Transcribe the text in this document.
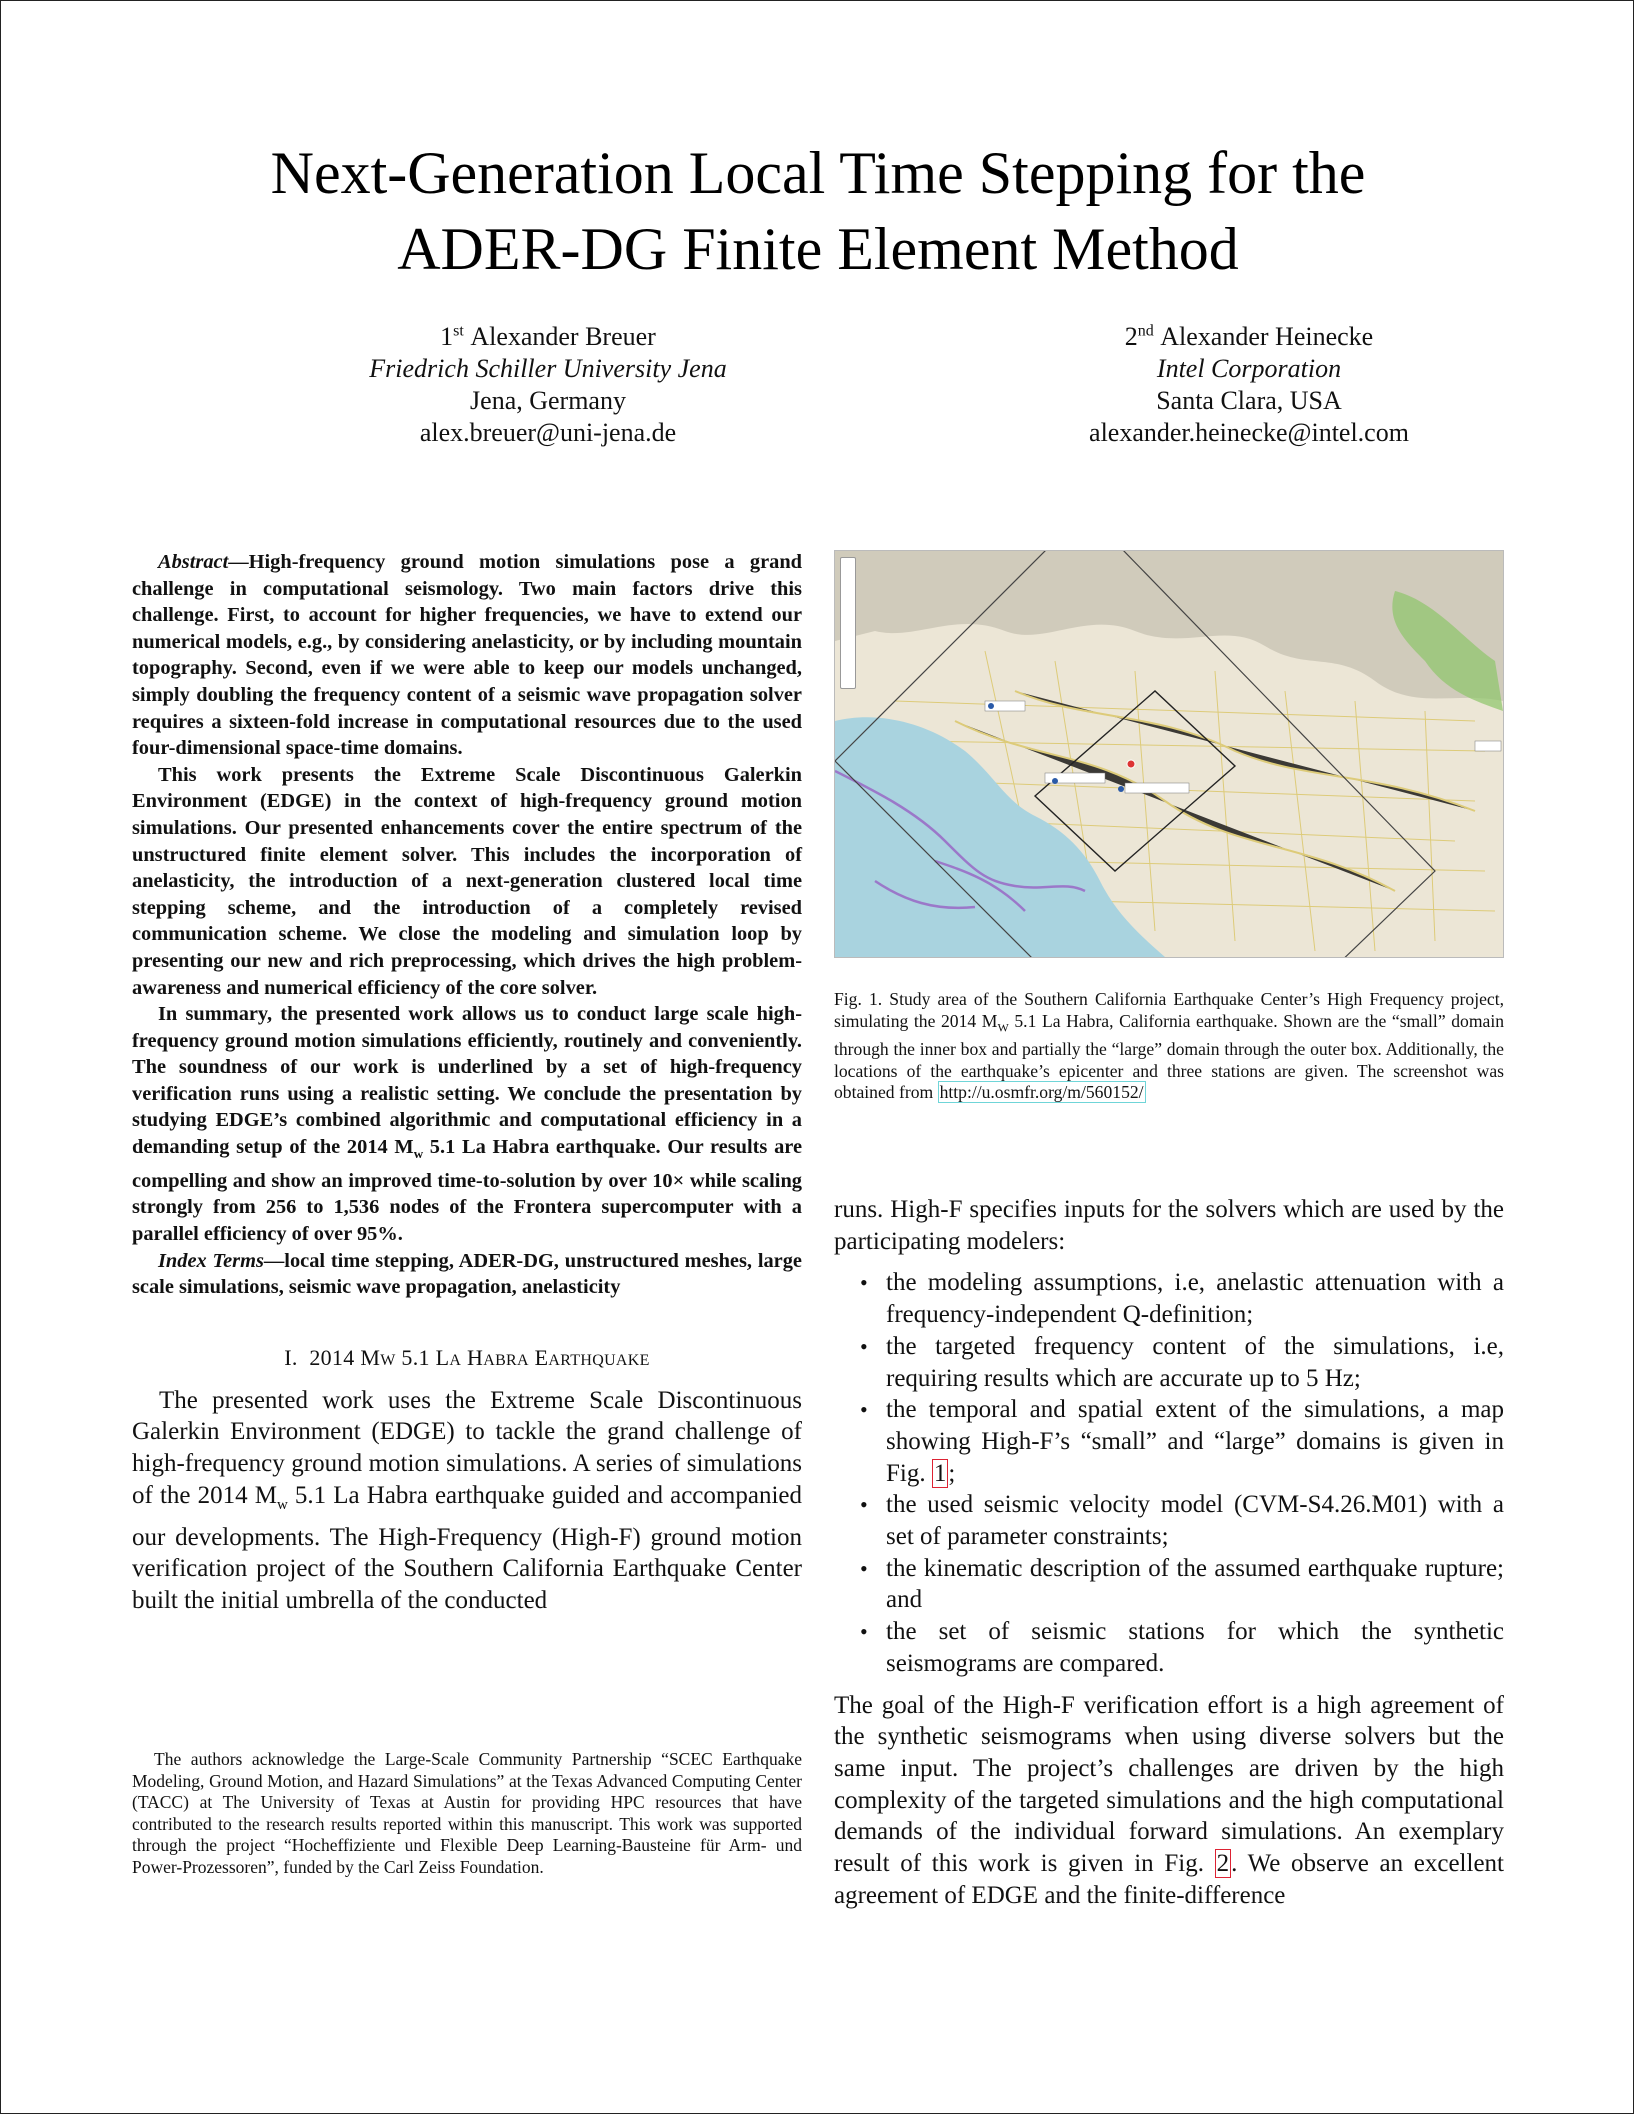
Next-Generation Local Time Stepping for the
ADER-DG Finite Element Method
1st Alexander Breuer
Friedrich Schiller University Jena
Jena, Germany
alex.breuer@uni-jena.de
2nd Alexander Heinecke
Intel Corporation
Santa Clara, USA
alexander.heinecke@intel.com

Abstract—High-frequency ground motion simulations pose a grand challenge in computational seismology. Two main factors drive this challenge. First, to account for higher frequencies, we have to extend our numerical models, e.g., by considering anelasticity, or by including mountain topography. Second, even if we were able to keep our models unchanged, simply doubling the frequency content of a seismic wave propagation solver requires a sixteen-fold increase in computational resources due to the used four-dimensional space-time domains.

This work presents the Extreme Scale Discontinuous Galerkin Environment (EDGE) in the context of high-frequency ground motion simulations. Our presented enhancements cover the entire spectrum of the unstructured finite element solver. This includes the incorporation of anelasticity, the introduction of a next-generation clustered local time stepping scheme, and the introduction of a completely revised communication scheme. We close the modeling and simulation loop by presenting our new and rich preprocessing, which drives the high problem-awareness and numerical efficiency of the core solver.

In summary, the presented work allows us to conduct large scale high-frequency ground motion simulations efficiently, routinely and conveniently. The soundness of our work is underlined by a set of high-frequency verification runs using a realistic setting. We conclude the presentation by studying EDGE’s combined algorithmic and computational efficiency in a demanding setup of the 2014 $M_w$ 5.1 La Habra earthquake. Our results are compelling and show an improved time-to-solution by over 10× while scaling strongly from 256 to 1,536 nodes of the Frontera supercomputer with a parallel efficiency of over 95%.

Index Terms—local time stepping, ADER-DG, unstructured meshes, large scale simulations, seismic wave propagation, anelasticity

I. 2014 MW 5.1 LA HABRA EARTHQUAKE

The presented work uses the Extreme Scale Discontinuous Galerkin Environment (EDGE) to tackle the grand challenge of high-frequency ground motion simulations. A series of simulations of the 2014 $M_w$ 5.1 La Habra earthquake guided and accompanied our developments. The High-Frequency (High-F) ground motion verification project of the Southern California Earthquake Center built the initial umbrella of the conducted

The authors acknowledge the Large-Scale Community Partnership “SCEC Earthquake Modeling, Ground Motion, and Hazard Simulations” at the Texas Advanced Computing Center (TACC) at The University of Texas at Austin for providing HPC resources that have contributed to the research results reported within this manuscript. This work was supported through the project “Hocheffiziente und Flexible Deep Learning-Bausteine für Arm- und Power-Prozessoren”, funded by the Carl Zeiss Foundation.

Fig. 1. Study area of the Southern California Earthquake Center’s High Frequency project, simulating the 2014 $M_W$ 5.1 La Habra, California earthquake. Shown are the “small” domain through the inner box and partially the “large” domain through the outer box. Additionally, the locations of the earthquake’s epicenter and three stations are given. The screenshot was obtained from http://u.osmfr.org/m/560152/

runs. High-F specifies inputs for the solvers which are used by the participating modelers:

• the modeling assumptions, i.e, anelastic attenuation with a frequency-independent Q-definition;
• the targeted frequency content of the simulations, i.e, requiring results which are accurate up to 5 Hz;
• the temporal and spatial extent of the simulations, a map showing High-F’s “small” and “large” domains is given in Fig. 1;
• the used seismic velocity model (CVM-S4.26.M01) with a set of parameter constraints;
• the kinematic description of the assumed earthquake rupture; and
• the set of seismic stations for which the synthetic seismograms are compared.

The goal of the High-F verification effort is a high agreement of the synthetic seismograms when using diverse solvers but the same input. The project’s challenges are driven by the high complexity of the targeted simulations and the high computational demands of the individual forward simulations. An exemplary result of this work is given in Fig. 2. We observe an excellent agreement of EDGE and the finite-difference
